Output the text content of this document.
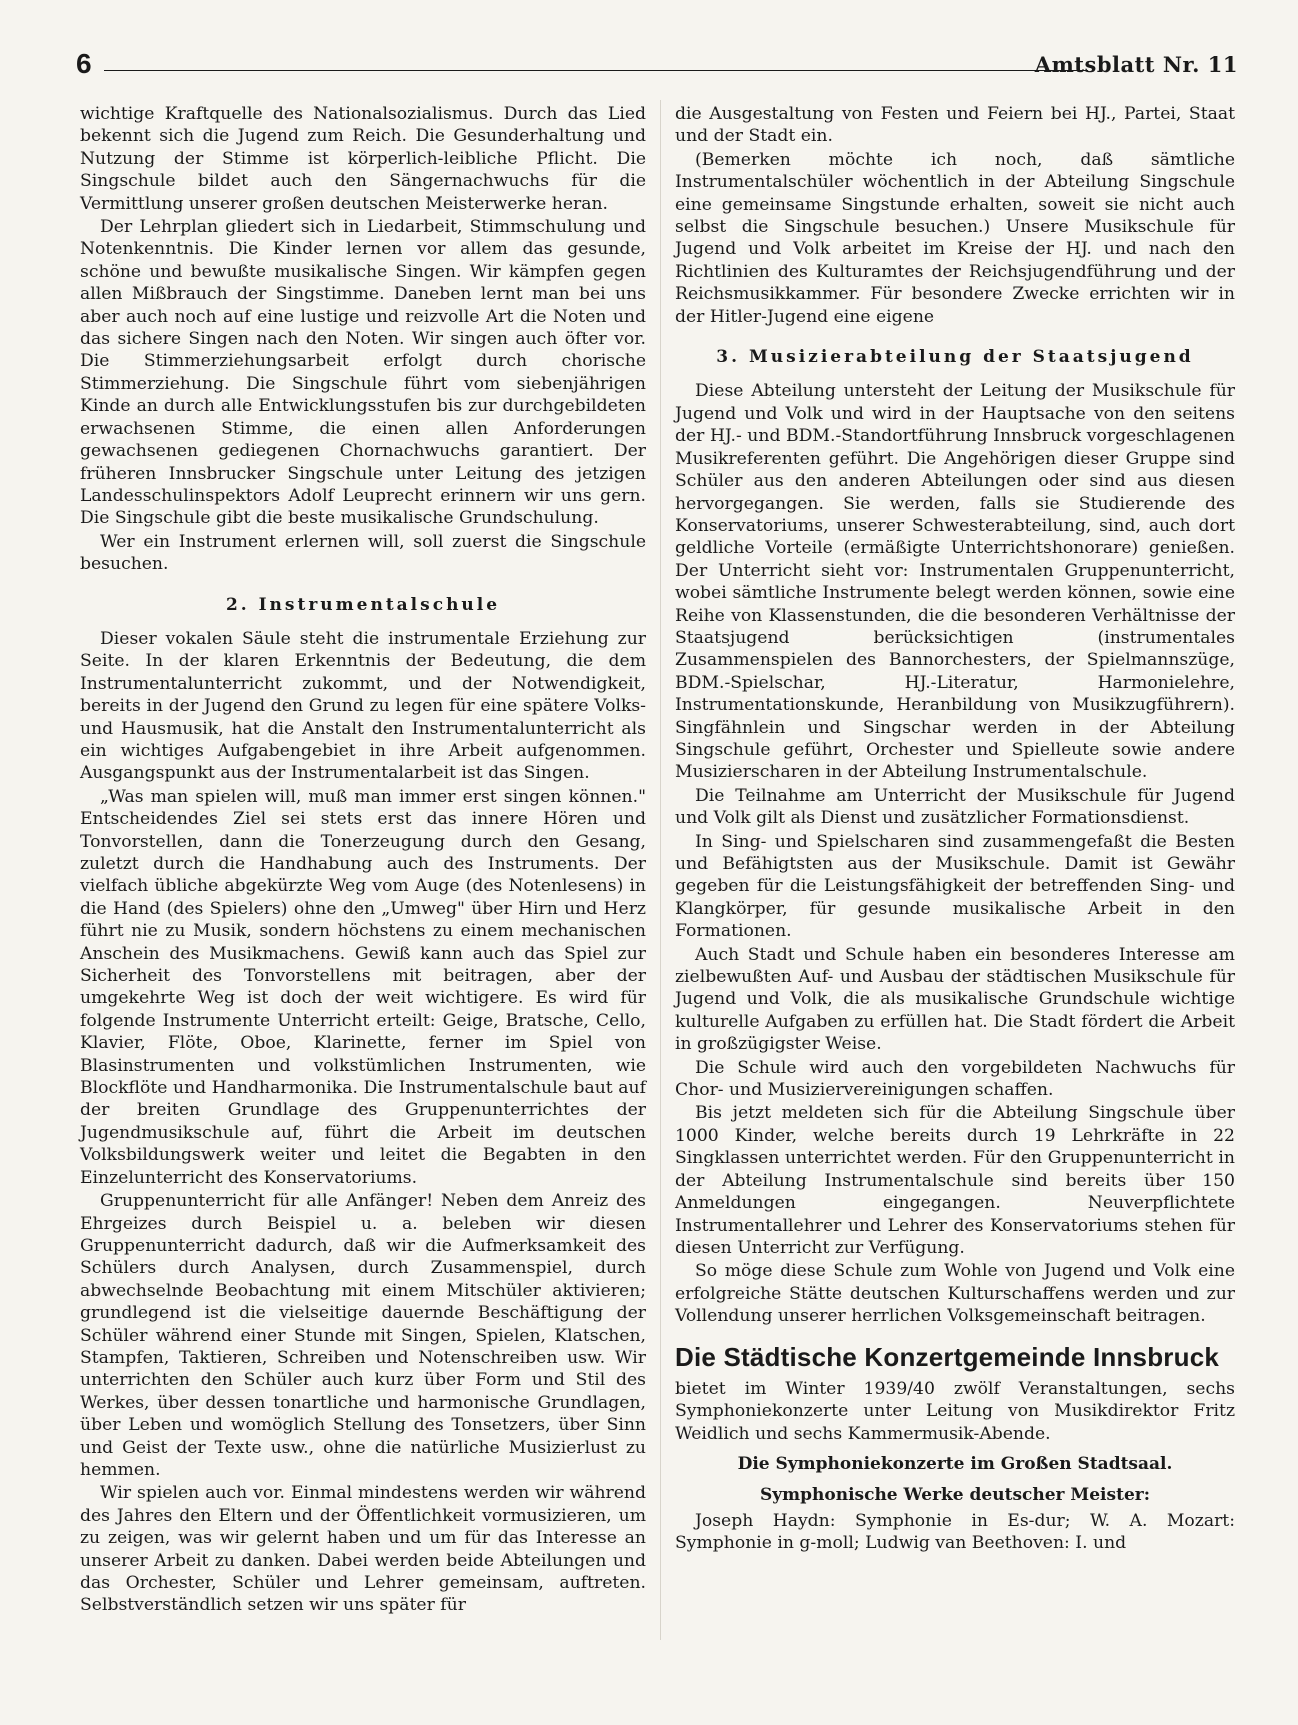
6	Amtsblatt Nr. 11

wichtige Kraftquelle des Nationalsozialismus. Durch das Lied bekennt sich die Jugend zum Reich. Die Gesunderhaltung und Nutzung der Stimme ist körperlich-leibliche Pflicht. Die Singschule bildet auch den Sängernachwuchs für die Vermittlung unserer großen deutschen Meisterwerke heran.

Der Lehrplan gliedert sich in Liedarbeit, Stimmschulung und Notenkenntnis. Die Kinder lernen vor allem das gesunde, schöne und bewußte musikalische Singen. Wir kämpfen gegen allen Mißbrauch der Singstimme. Daneben lernt man bei uns aber auch noch auf eine lustige und reizvolle Art die Noten und das sichere Singen nach den Noten. Wir singen auch öfter vor. Die Stimmerziehungsarbeit erfolgt durch chorische Stimmerziehung. Die Singschule führt vom siebenjährigen Kinde an durch alle Entwicklungsstufen bis zur durchgebildeten erwachsenen Stimme, die einen allen Anforderungen gewachsenen gediegenen Chornachwuchs garantiert. Der früheren Innsbrucker Singschule unter Leitung des jetzigen Landesschulinspektors Adolf Leuprecht erinnern wir uns gern. Die Singschule gibt die beste musikalische Grundschulung.

Wer ein Instrument erlernen will, soll zuerst die Singschule besuchen.

2. Instrumentalschule

Dieser vokalen Säule steht die instrumentale Erziehung zur Seite. In der klaren Erkenntnis der Bedeutung, die dem Instrumentalunterricht zukommt, und der Notwendigkeit, bereits in der Jugend den Grund zu legen für eine spätere Volks- und Hausmusik, hat die Anstalt den Instrumentalunterricht als ein wichtiges Aufgabengebiet in ihre Arbeit aufgenommen. Ausgangspunkt aus der Instrumentalarbeit ist das Singen.

„Was man spielen will, muß man immer erst singen können." Entscheidendes Ziel sei stets erst das innere Hören und Tonvorstellen, dann die Tonerzeugung durch den Gesang, zuletzt durch die Handhabung auch des Instruments. Der vielfach übliche abgekürzte Weg vom Auge (des Notenlesens) in die Hand (des Spielers) ohne den „Umweg" über Hirn und Herz führt nie zu Musik, sondern höchstens zu einem mechanischen Anschein des Musikmachens. Gewiß kann auch das Spiel zur Sicherheit des Tonvorstellens mit beitragen, aber der umgekehrte Weg ist doch der weit wichtigere. Es wird für folgende Instrumente Unterricht erteilt: Geige, Bratsche, Cello, Klavier, Flöte, Oboe, Klarinette, ferner im Spiel von Blasinstrumenten und volkstümlichen Instrumenten, wie Blockflöte und Handharmonika. Die Instrumentalschule baut auf der breiten Grundlage des Gruppenunterrichtes der Jugendmusikschule auf, führt die Arbeit im deutschen Volksbildungswerk weiter und leitet die Begabten in den Einzelunterricht des Konservatoriums.

Gruppenunterricht für alle Anfänger! Neben dem Anreiz des Ehrgeizes durch Beispiel u. a. beleben wir diesen Gruppenunterricht dadurch, daß wir die Aufmerksamkeit des Schülers durch Analysen, durch Zusammenspiel, durch abwechselnde Beobachtung mit einem Mitschüler aktivieren; grundlegend ist die vielseitige dauernde Beschäftigung der Schüler während einer Stunde mit Singen, Spielen, Klatschen, Stampfen, Taktieren, Schreiben und Notenschreiben usw. Wir unterrichten den Schüler auch kurz über Form und Stil des Werkes, über dessen tonartliche und harmonische Grundlagen, über Leben und womöglich Stellung des Tonsetzers, über Sinn und Geist der Texte usw., ohne die natürliche Musizierlust zu hemmen.

Wir spielen auch vor. Einmal mindestens werden wir während des Jahres den Eltern und der Öffentlichkeit vormusizieren, um zu zeigen, was wir gelernt haben und um für das Interesse an unserer Arbeit zu danken. Dabei werden beide Abteilungen und das Orchester, Schüler und Lehrer gemeinsam, auftreten. Selbstverständlich setzen wir uns später für

die Ausgestaltung von Festen und Feiern bei HJ., Partei, Staat und der Stadt ein.

(Bemerken möchte ich noch, daß sämtliche Instrumentalschüler wöchentlich in der Abteilung Singschule eine gemeinsame Singstunde erhalten, soweit sie nicht auch selbst die Singschule besuchen.) Unsere Musikschule für Jugend und Volk arbeitet im Kreise der HJ. und nach den Richtlinien des Kulturamtes der Reichsjugendführung und der Reichsmusikkammer. Für besondere Zwecke errichten wir in der Hitler-Jugend eine eigene

3. Musizierabteilung der Staatsjugend

Diese Abteilung untersteht der Leitung der Musikschule für Jugend und Volk und wird in der Hauptsache von den seitens der HJ.- und BDM.-Standortführung Innsbruck vorgeschlagenen Musikreferenten geführt. Die Angehörigen dieser Gruppe sind Schüler aus den anderen Abteilungen oder sind aus diesen hervorgegangen. Sie werden, falls sie Studierende des Konservatoriums, unserer Schwesterabteilung, sind, auch dort geldliche Vorteile (ermäßigte Unterrichtshonorare) genießen. Der Unterricht sieht vor: Instrumentalen Gruppenunterricht, wobei sämtliche Instrumente belegt werden können, sowie eine Reihe von Klassenstunden, die die besonderen Verhältnisse der Staatsjugend berücksichtigen (instrumentales Zusammenspielen des Bannorchesters, der Spielmannszüge, BDM.-Spielschar, HJ.-Literatur, Harmonielehre, Instrumentationskunde, Heranbildung von Musikzugführern). Singfähnlein und Singschar werden in der Abteilung Singschule geführt, Orchester und Spielleute sowie andere Musizierscharen in der Abteilung Instrumentalschule.

Die Teilnahme am Unterricht der Musikschule für Jugend und Volk gilt als Dienst und zusätzlicher Formationsdienst.

In Sing- und Spielscharen sind zusammengefaßt die Besten und Befähigtsten aus der Musikschule. Damit ist Gewähr gegeben für die Leistungsfähigkeit der betreffenden Sing- und Klangkörper, für gesunde musikalische Arbeit in den Formationen.

Auch Stadt und Schule haben ein besonderes Interesse am zielbewußten Auf- und Ausbau der städtischen Musikschule für Jugend und Volk, die als musikalische Grundschule wichtige kulturelle Aufgaben zu erfüllen hat. Die Stadt fördert die Arbeit in großzügigster Weise.

Die Schule wird auch den vorgebildeten Nachwuchs für Chor- und Musiziervereinigungen schaffen.

Bis jetzt meldeten sich für die Abteilung Singschule über 1000 Kinder, welche bereits durch 19 Lehrkräfte in 22 Singklassen unterrichtet werden. Für den Gruppenunterricht in der Abteilung Instrumentalschule sind bereits über 150 Anmeldungen eingegangen. Neuverpflichtete Instrumentallehrer und Lehrer des Konservatoriums stehen für diesen Unterricht zur Verfügung.

So möge diese Schule zum Wohle von Jugend und Volk eine erfolgreiche Stätte deutschen Kulturschaffens werden und zur Vollendung unserer herrlichen Volksgemeinschaft beitragen.

Die Städtische Konzertgemeinde Innsbruck

bietet im Winter 1939/40 zwölf Veranstaltungen, sechs Symphoniekonzerte unter Leitung von Musikdirektor Fritz Weidlich und sechs Kammermusik-Abende.

Die Symphoniekonzerte im Großen Stadtsaal.
Symphonische Werke deutscher Meister:

Joseph Haydn: Symphonie in Es-dur; W. A. Mozart: Symphonie in g-moll; Ludwig van Beethoven: I. und
